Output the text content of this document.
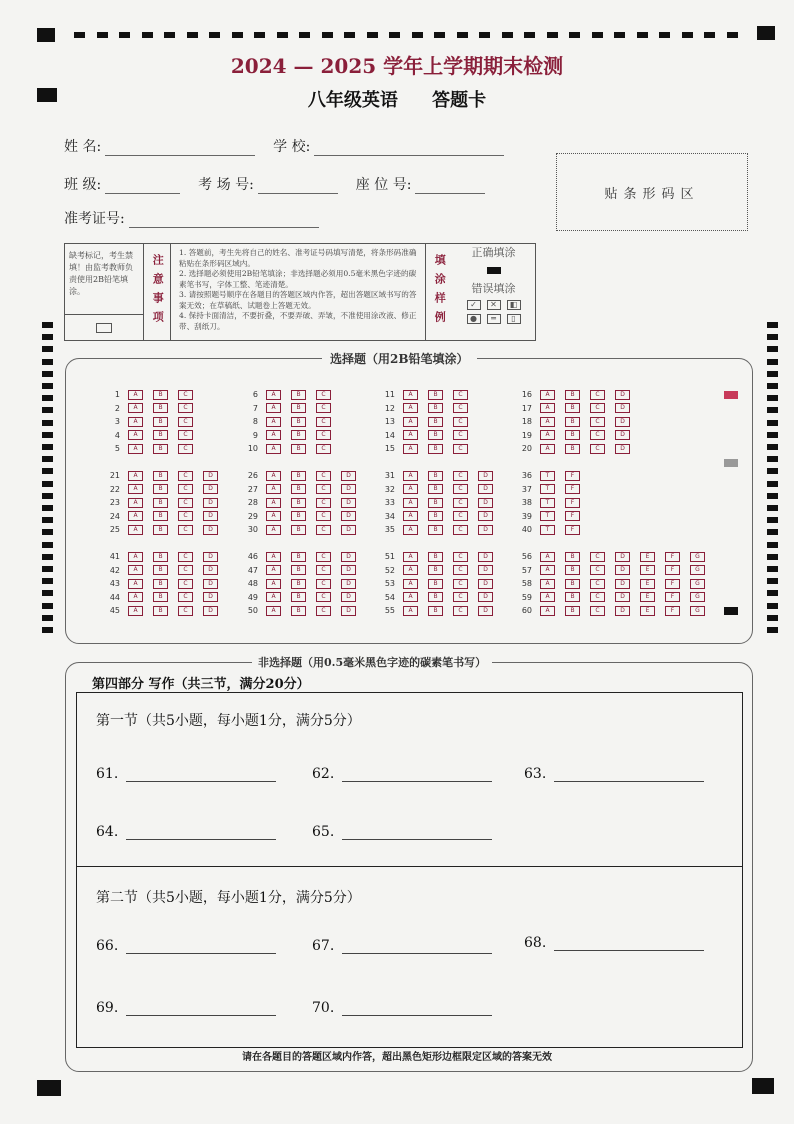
2024 — 2025 学年上学期期末检测
八年级英语 答题卡
姓 名:	学 校:
班 级:	考 场 号:	座 位 号:
准考证号:
贴条形码区
缺考标记，考生禁填！由监考教师负责使用2B铅笔填涂。	注意事项
1. 答题前，考生先将自己的姓名、准考证号码填写清楚，将条形码准确粘贴在条形码区域内。
2. 选择题必须使用2B铅笔填涂；非选择题必须用0.5毫米黑色字迹的碳素笔书写，字体工整、笔迹清楚。
3. 请按照题号顺序在各题目的答题区域内作答，超出答题区域书写的答案无效；在草稿纸、试题卷上答题无效。
4. 保持卡面清洁，不要折叠，不要弄破、弄皱，不准使用涂改液、修正带、刮纸刀。	填涂样例
正确填涂
错误填涂
✓	✕	◧
●	═	▯
选择题（用2B铅笔填涂）
1	A	B	C
2	A	B	C
3	A	B	C
4	A	B	C
5	A	B	C
6	A	B	C
7	A	B	C
8	A	B	C
9	A	B	C
10	A	B	C
11	A	B	C
12	A	B	C
13	A	B	C
14	A	B	C
15	A	B	C
16	A	B	C	D
17	A	B	C	D
18	A	B	C	D
19	A	B	C	D
20	A	B	C	D
21	A	B	C	D
22	A	B	C	D
23	A	B	C	D
24	A	B	C	D
25	A	B	C	D
26	A	B	C	D
27	A	B	C	D
28	A	B	C	D
29	A	B	C	D
30	A	B	C	D
31	A	B	C	D
32	A	B	C	D
33	A	B	C	D
34	A	B	C	D
35	A	B	C	D
36	T	F
37	T	F
38	T	F
39	T	F
40	T	F
41	A	B	C	D
42	A	B	C	D
43	A	B	C	D
44	A	B	C	D
45	A	B	C	D
46	A	B	C	D
47	A	B	C	D
48	A	B	C	D
49	A	B	C	D
50	A	B	C	D
51	A	B	C	D
52	A	B	C	D
53	A	B	C	D
54	A	B	C	D
55	A	B	C	D
56	A	B	C	D	E	F	G
57	A	B	C	D	E	F	G
58	A	B	C	D	E	F	G
59	A	B	C	D	E	F	G
60	A	B	C	D	E	F	G
非选择题（用0.5毫米黑色字迹的碳素笔书写）
第四部分 写作（共三节，满分20分）
第一节（共5小题，每小题1分，满分5分）
61.	62.	63.
64.	65.
第二节（共5小题，每小题1分，满分5分）
66.	67.	68.
69.	70.
请在各题目的答题区域内作答，超出黑色矩形边框限定区域的答案无效
